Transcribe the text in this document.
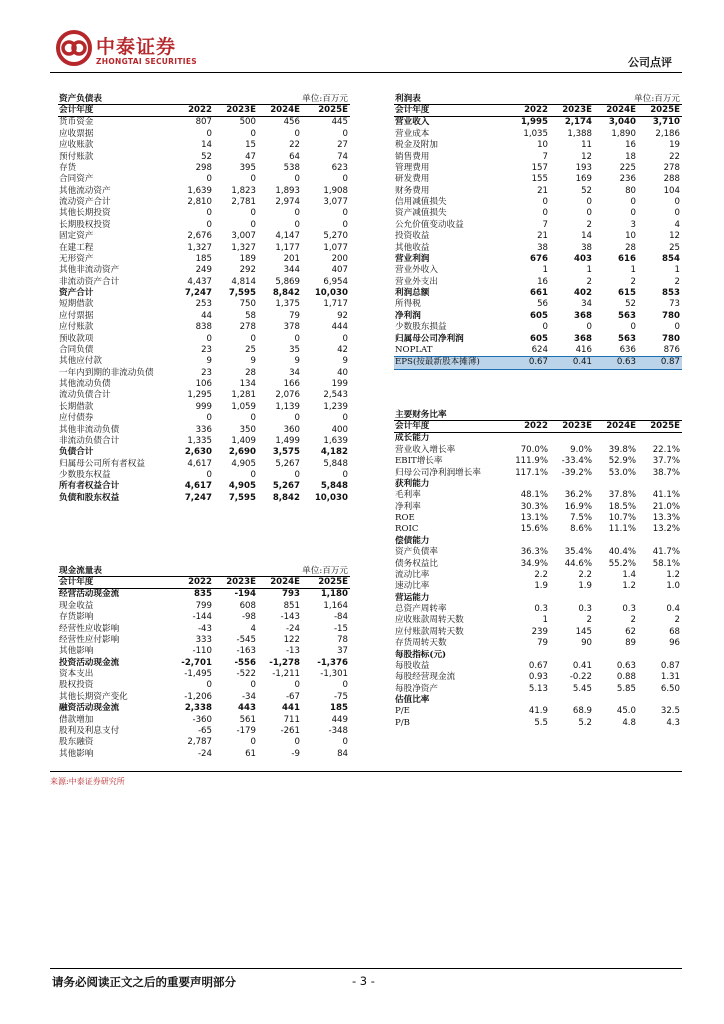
中泰证券
ZHONGTAI SECURITIES	公司点评
资产负债表	单位:百万元
会计年度	2022	2023E	2024E	2025E
货币资金	807	500	456	445
应收票据	0	0	0	0
应收账款	14	15	22	27
预付账款	52	47	64	74
存货	298	395	538	623
合同资产	0	0	0	0
其他流动资产	1,639	1,823	1,893	1,908
流动资产合计	2,810	2,781	2,974	3,077
其他长期投资	0	0	0	0
长期股权投资	0	0	0	0
固定资产	2,676	3,007	4,147	5,270
在建工程	1,327	1,327	1,177	1,077
无形资产	185	189	201	200
其他非流动资产	249	292	344	407
非流动资产合计	4,437	4,814	5,869	6,954
资产合计	7,247	7,595	8,842	10,030
短期借款	253	750	1,375	1,717
应付票据	44	58	79	92
应付账款	838	278	378	444
预收款项	0	0	0	0
合同负债	23	25	35	42
其他应付款	9	9	9	9
一年内到期的非流动负债	23	28	34	40
其他流动负债	106	134	166	199
流动负债合计	1,295	1,281	2,076	2,543
长期借款	999	1,059	1,139	1,239
应付债券	0	0	0	0
其他非流动负债	336	350	360	400
非流动负债合计	1,335	1,409	1,499	1,639
负债合计	2,630	2,690	3,575	4,182
归属母公司所有者权益	4,617	4,905	5,267	5,848
少数股东权益	0	0	0	0
所有者权益合计	4,617	4,905	5,267	5,848
负债和股东权益	7,247	7,595	8,842	10,030
现金流量表	单位:百万元
会计年度	2022	2023E	2024E	2025E
经营活动现金流	835	-194	793	1,180
现金收益	799	608	851	1,164
存货影响	-144	-98	-143	-84
经营性应收影响	-43	4	-24	-15
经营性应付影响	333	-545	122	78
其他影响	-110	-163	-13	37
投资活动现金流	-2,701	-556	-1,278	-1,376
资本支出	-1,495	-522	-1,211	-1,301
股权投资	0	0	0	0
其他长期资产变化	-1,206	-34	-67	-75
融资活动现金流	2,338	443	441	185
借款增加	-360	561	711	449
股利及利息支付	-65	-179	-261	-348
股东融资	2,787	0	0	0
其他影响	-24	61	-9	84
利润表	单位:百万元
会计年度	2022	2023E	2024E	2025E
营业收入	1,995	2,174	3,040	3,710
营业成本	1,035	1,388	1,890	2,186
税金及附加	10	11	16	19
销售费用	7	12	18	22
管理费用	157	193	225	278
研发费用	155	169	236	288
财务费用	21	52	80	104
信用减值损失	0	0	0	0
资产减值损失	0	0	0	0
公允价值变动收益	7	2	3	4
投资收益	21	14	10	12
其他收益	38	38	28	25
营业利润	676	403	616	854
营业外收入	1	1	1	1
营业外支出	16	2	2	2
利润总额	661	402	615	853
所得税	56	34	52	73
净利润	605	368	563	780
少数股东损益	0	0	0	0
归属母公司净利润	605	368	563	780
NOPLAT	624	416	636	876
EPS(按最新股本摊薄)	0.67	0.41	0.63	0.87
主要财务比率
会计年度	2022	2023E	2024E	2025E
成长能力				
营业收入增长率	70.0%	9.0%	39.8%	22.1%
EBIT增长率	111.9%	-33.4%	52.9%	37.7%
归母公司净利润增长率	117.1%	-39.2%	53.0%	38.7%
获利能力				
毛利率	48.1%	36.2%	37.8%	41.1%
净利率	30.3%	16.9%	18.5%	21.0%
ROE	13.1%	7.5%	10.7%	13.3%
ROIC	15.6%	8.6%	11.1%	13.2%
偿债能力				
资产负债率	36.3%	35.4%	40.4%	41.7%
债务权益比	34.9%	44.6%	55.2%	58.1%
流动比率	2.2	2.2	1.4	1.2
速动比率	1.9	1.9	1.2	1.0
营运能力				
总资产周转率	0.3	0.3	0.3	0.4
应收账款周转天数	1	2	2	2
应付账款周转天数	239	145	62	68
存货周转天数	79	90	89	96
每股指标(元)				
每股收益	0.67	0.41	0.63	0.87
每股经营现金流	0.93	-0.22	0.88	1.31
每股净资产	5.13	5.45	5.85	6.50
估值比率				
P/E	41.9	68.9	45.0	32.5
P/B	5.5	5.2	4.8	4.3
来源:中泰证券研究所
请务必阅读正文之后的重要声明部分	- 3 -
